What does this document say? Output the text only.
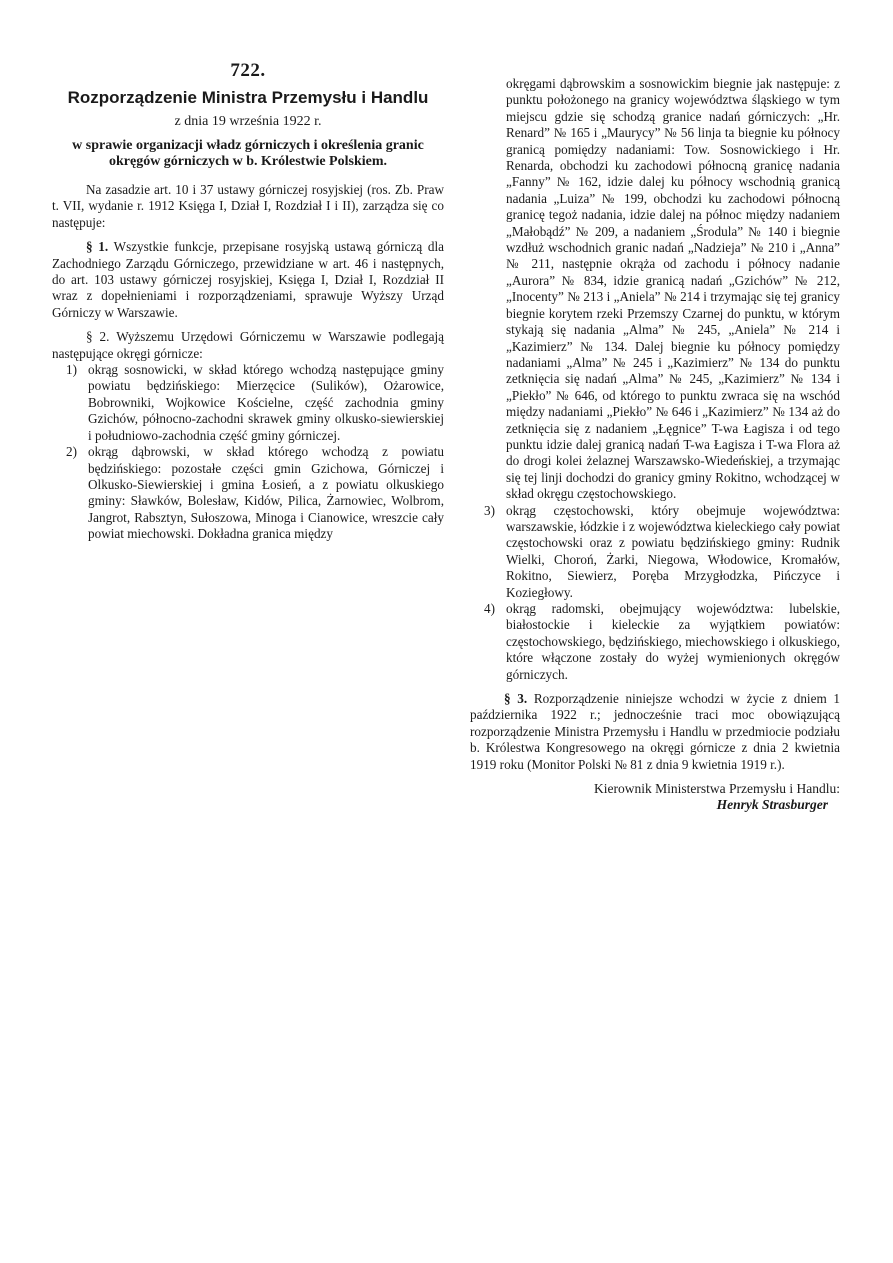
722.

Rozporządzenie Ministra Przemysłu i Handlu

z dnia 19 września 1922 r.

w sprawie organizacji władz górniczych i określenia granic okręgów górniczych w b. Królestwie Polskiem.

Na zasadzie art. 10 i 37 ustawy górniczej rosyjskiej (ros. Zb. Praw t. VII, wydanie r. 1912 Księga I, Dział I, Rozdział I i II), zarządza się co następuje:

§ 1. Wszystkie funkcje, przepisane rosyjską ustawą górniczą dla Zachodniego Zarządu Górniczego, przewidziane w art. 46 i następnych, do art. 103 ustawy górniczej rosyjskiej, Księga I, Dział I, Rozdział II wraz z dopełnieniami i rozporządzeniami, sprawuje Wyższy Urząd Górniczy w Warszawie.

§ 2. Wyższemu Urzędowi Górniczemu w Warszawie podlegają następujące okręgi górnicze:

1) okrąg sosnowicki, w skład którego wchodzą następujące gminy powiatu będzińskiego: Mierzęcice (Sulików), Ożarowice, Bobrowniki, Wojkowice Kościelne, część zachodnia gminy Gzichów, północno-zachodni skrawek gminy olkusko-siewierskiej i południowo-zachodnia część gminy górniczej.

2) okrąg dąbrowski, w skład którego wchodzą z powiatu będzińskiego: pozostałe części gmin Gzichowa, Górniczej i Olkusko-Siewierskiej i gmina Łosień, a z powiatu olkuskiego gminy: Sławków, Bolesław, Kidów, Pilica, Żarnowiec, Wolbrom, Jangrot, Rabsztyn, Sułoszowa, Minoga i Cianowice, wreszcie cały powiat miechowski. Dokładna granica między

okręgami dąbrowskim a sosnowickim biegnie jak następuje: z punktu położonego na granicy województwa śląskiego w tym miejscu gdzie się schodzą granice nadań górniczych: „Hr. Renard” № 165 i „Maurycy” № 56 linja ta biegnie ku północy granicą pomiędzy nadaniami: Tow. Sosnowickiego i Hr. Renarda, obchodzi ku zachodowi północną granicę nadania „Fanny” № 162, idzie dalej ku północy wschodnią granicą nadania „Luiza” № 199, obchodzi ku zachodowi północną granicę tegoż nadania, idzie dalej na północ między nadaniem „Małobądź” № 209, a nadaniem „Środula” № 140 i biegnie wzdłuż wschodnich granic nadań „Nadzieja” № 210 i „Anna” № 211, następnie okrąża od zachodu i północy nadanie „Aurora” № 834, idzie granicą nadań „Gzichów” № 212, „Inocenty” № 213 i „Aniela” № 214 i trzymając się tej granicy biegnie korytem rzeki Przemszy Czarnej do punktu, w którym stykają się nadania „Alma” № 245, „Aniela” № 214 i „Kazimierz” № 134. Dalej biegnie ku północy pomiędzy nadaniami „Alma” № 245 i „Kazimierz” № 134 do punktu zetknięcia się nadań „Alma” № 245, „Kazimierz” № 134 i „Piekło” № 646, od którego to punktu zwraca się na wschód między nadaniami „Piekło” № 646 i „Kazimierz” № 134 aż do zetknięcia się z nadaniem „Łęgnice” T-wa Łagisza i od tego punktu idzie dalej granicą nadań T-wa Łagisza i T-wa Flora aż do drogi kolei żelaznej Warszawsko-Wiedeńskiej, a trzymając się tej linji dochodzi do granicy gminy Rokitno, wchodzącej w skład okręgu częstochowskiego.

3) okrąg częstochowski, który obejmuje województwa: warszawskie, łódzkie i z województwa kieleckiego cały powiat częstochowski oraz z powiatu będzińskiego gminy: Rudnik Wielki, Choroń, Żarki, Niegowa, Włodowice, Kromałów, Rokitno, Siewierz, Poręba Mrzygłodzka, Pińczyce i Koziegłowy.

4) okrąg radomski, obejmujący województwa: lubelskie, białostockie i kieleckie za wyjątkiem powiatów: częstochowskiego, będzińskiego, miechowskiego i olkuskiego, które włączone zostały do wyżej wymienionych okręgów górniczych.

§ 3. Rozporządzenie niniejsze wchodzi w życie z dniem 1 października 1922 r.; jednocześnie traci moc obowiązującą rozporządzenie Ministra Przemysłu i Handlu w przedmiocie podziału b. Królestwa Kongresowego na okręgi górnicze z dnia 2 kwietnia 1919 roku (Monitor Polski № 81 z dnia 9 kwietnia 1919 r.).

Kierownik Ministerstwa Przemysłu i Handlu:

Henryk Strasburger
